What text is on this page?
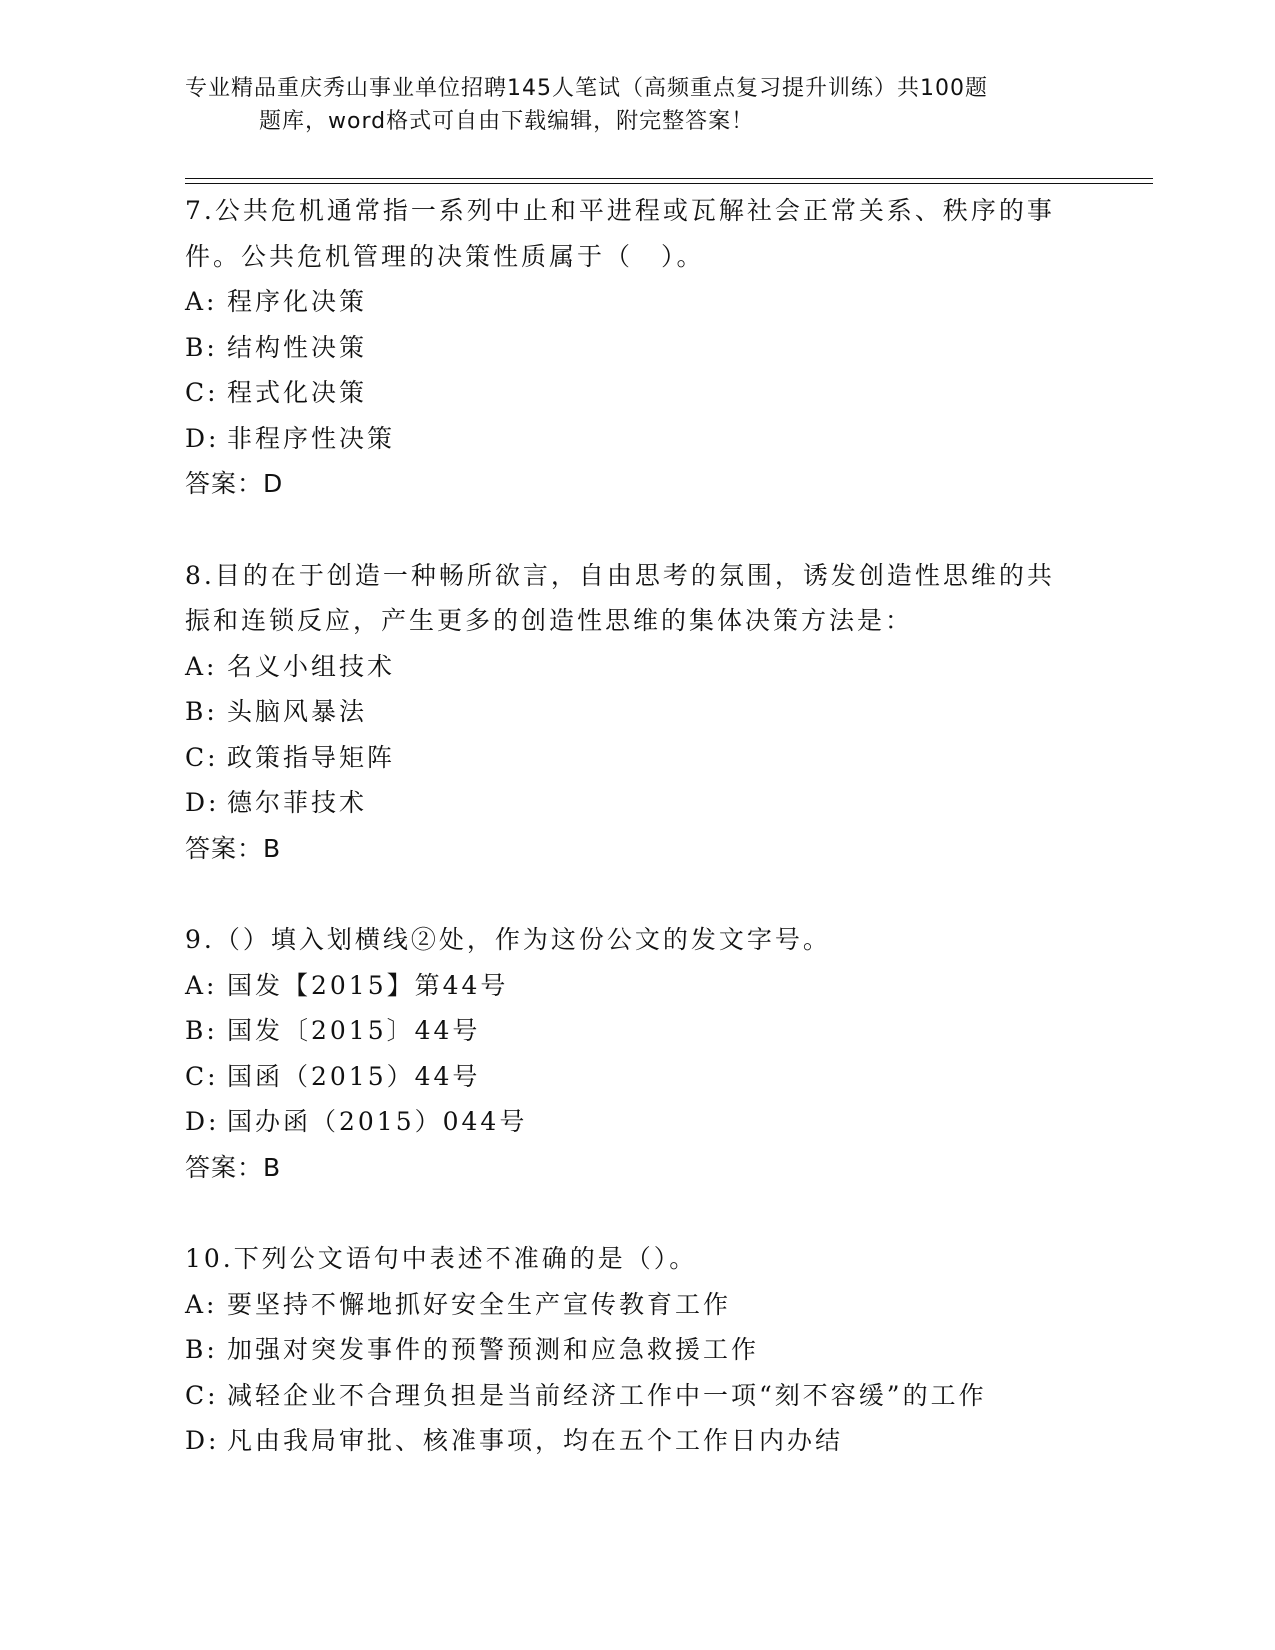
专业精品重庆秀山事业单位招聘145人笔试（高频重点复习提升训练）共100题
题库，word格式可自由下载编辑，附完整答案！
7.公共危机通常指一系列中止和平进程或瓦解社会正常关系、秩序的事件。公共危机管理的决策性质属于（　）。
A: 程序化决策
B: 结构性决策
C: 程式化决策
D: 非程序性决策
答案：D
8.目的在于创造一种畅所欲言，自由思考的氛围，诱发创造性思维的共振和连锁反应，产生更多的创造性思维的集体决策方法是：
A: 名义小组技术
B: 头脑风暴法
C: 政策指导矩阵
D: 德尔菲技术
答案：B
9.（）填入划横线②处，作为这份公文的发文字号。
A: 国发【2015】第44号
B: 国发〔2015〕44号
C: 国函（2015）44号
D: 国办函（2015）044号
答案：B
10.下列公文语句中表述不准确的是（）。
A: 要坚持不懈地抓好安全生产宣传教育工作
B: 加强对突发事件的预警预测和应急救援工作
C: 减轻企业不合理负担是当前经济工作中一项“刻不容缓”的工作
D: 凡由我局审批、核准事项，均在五个工作日内办结
